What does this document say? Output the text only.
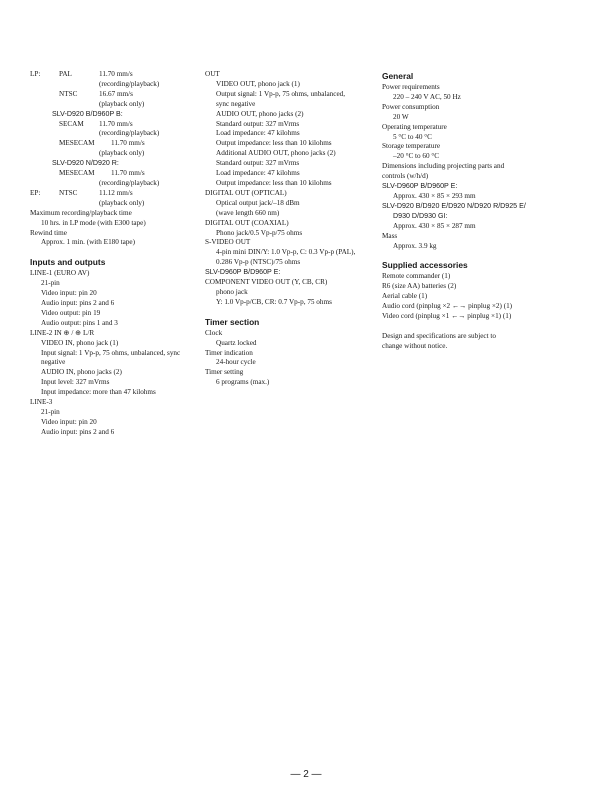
LP:	PAL	11.70 mm/s
(recording/playback)
NTSC	16.67 mm/s
(playback only)
SLV-D920 B/D960P B:
SECAM	11.70 mm/s
(recording/playback)
MESECAM	11.70 mm/s
(playback only)
SLV-D920 N/D920 R:
MESECAM	11.70 mm/s
(recording/playback)
EP:	NTSC	11.12 mm/s
(playback only)
Maximum recording/playback time
10 hrs. in LP mode (with E300 tape)
Rewind time
Approx. 1 min. (with E180 tape)
Inputs and outputs
LINE-1 (EURO AV)
21-pin
Video input: pin 20
Audio input: pins 2 and 6
Video output: pin 19
Audio output: pins 1 and 3
LINE-2 IN ⊕ / ⊕ L/R
VIDEO IN, phono jack (1)
Input signal: 1 Vp-p, 75 ohms, unbalanced, sync
negative
AUDIO IN, phono jacks (2)
Input level: 327 mVrms
Input impedance: more than 47 kilohms
LINE-3
21-pin
Video input: pin 20
Audio input: pins 2 and 6
OUT
VIDEO OUT, phono jack (1)
Output signal: 1 Vp-p, 75 ohms, unbalanced,
sync negative
AUDIO OUT, phono jacks (2)
Standard output: 327 mVrms
Load impedance: 47 kilohms
Output impedance: less than 10 kilohms
Additional AUDIO OUT, phono jacks (2)
Standard output: 327 mVrms
Load impedance: 47 kilohms
Output impedance: less than 10 kilohms
DIGITAL OUT (OPTICAL)
Optical output jack/–18 dBm
(wave length 660 nm)
DIGITAL OUT (COAXIAL)
Phono jack/0.5 Vp-p/75 ohms
S-VIDEO OUT
4-pin mini DIN/Y: 1.0 Vp-p, C: 0.3 Vp-p (PAL),
0.286 Vp-p (NTSC)/75 ohms
SLV-D960P B/D960P E:
COMPONENT VIDEO OUT (Y, CB, CR)
phono jack
Y: 1.0 Vp-p/CB, CR: 0.7 Vp-p, 75 ohms
Timer section
Clock
Quartz locked
Timer indication
24-hour cycle
Timer setting
6 programs (max.)
General
Power requirements
220 – 240 V AC, 50 Hz
Power consumption
20 W
Operating temperature
5 °C to 40 °C
Storage temperature
–20 °C to 60 °C
Dimensions including projecting parts and
controls (w/h/d)
SLV-D960P B/D960P E:
Approx. 430 × 85 × 293 mm
SLV-D920 B/D920 E/D920 N/D920 R/D925 E/
D930 D/D930 GI:
Approx. 430 × 85 × 287 mm
Mass
Approx. 3.9 kg
Supplied accessories
Remote commander (1)
R6 (size AA) batteries (2)
Aerial cable (1)
Audio cord (pinplug ×2 ←→ pinplug ×2) (1)
Video cord (pinplug ×1 ←→ pinplug ×1) (1)
Design and specifications are subject to
change without notice.
— 2 —
